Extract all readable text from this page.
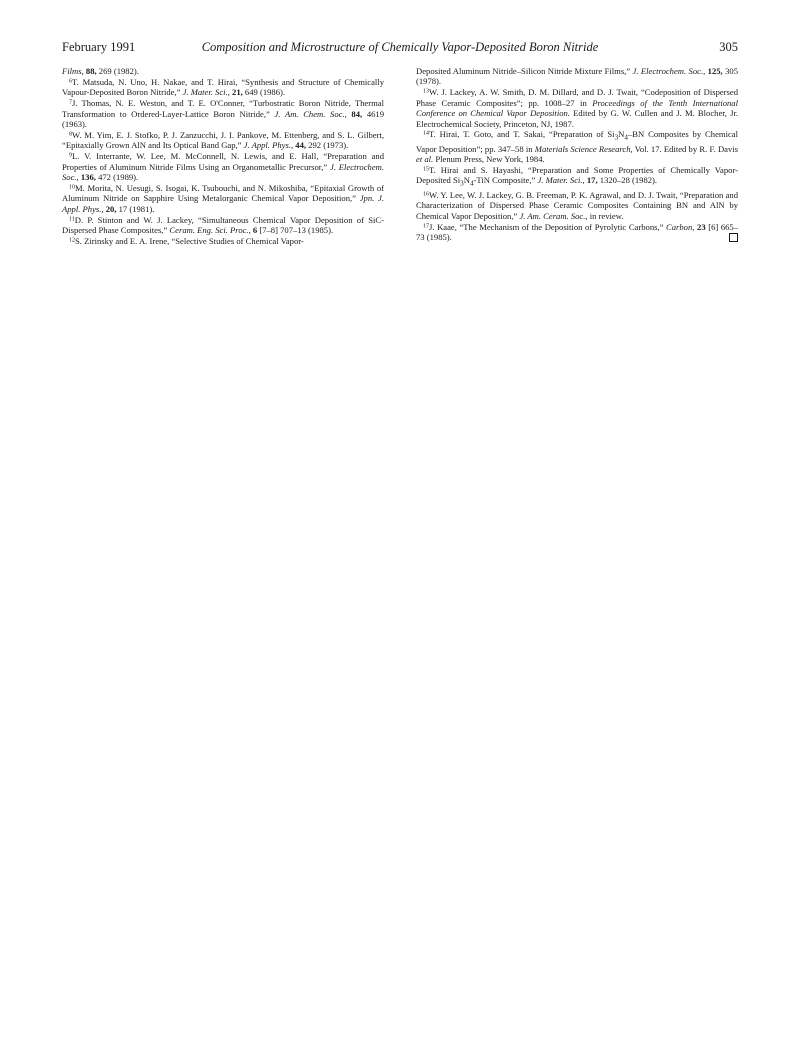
February 1991	Composition and Microstructure of Chemically Vapor-Deposited Boron Nitride	305

Films, 88, 269 (1982).

$^6$T. Matsuda, N. Uno, H. Nakae, and T. Hirai, “Synthesis and Structure of Chemically Vapour-Deposited Boron Nitride,” J. Mater. Sci., 21, 649 (1986).

$^7$J. Thomas, N. E. Weston, and T. E. O'Conner, “Turbostratic Boron Nitride, Thermal Transformation to Ordered-Layer-Lattice Boron Nitride,” J. Am. Chem. Soc., 84, 4619 (1963).

$^8$W. M. Yim, E. J. Stofko, P. J. Zanzucchi, J. I. Pankove, M. Ettenberg, and S. L. Gilbert, “Epitaxially Grown AlN and Its Optical Band Gap,” J. Appl. Phys., 44, 292 (1973).

$^9$L. V. Interrante, W. Lee, M. McConnell, N. Lewis, and E. Hall, “Preparation and Properties of Aluminum Nitride Films Using an Organometallic Precursor,” J. Electrochem. Soc., 136, 472 (1989).

$^{10}$M. Morita, N. Uesugi, S. Isogai, K. Tsubouchi, and N. Mikoshiba, “Epitaxial Growth of Aluminum Nitride on Sapphire Using Metalorganic Chemical Vapor Deposition,” Jpn. J. Appl. Phys., 20, 17 (1981).

$^{11}$D. P. Stinton and W. J. Lackey, “Simultaneous Chemical Vapor Deposition of SiC-Dispersed Phase Composites,” Ceram. Eng. Sci. Proc., 6 [7–8] 707–13 (1985).

$^{12}$S. Zirinsky and E. A. Irene, “Selective Studies of Chemical Vapor-

Deposited Aluminum Nitride–Silicon Nitride Mixture Films,” J. Electrochem. Soc., 125, 305 (1978).

$^{13}$W. J. Lackey, A. W. Smith, D. M. Dillard, and D. J. Twait, “Codeposition of Dispersed Phase Ceramic Composites”; pp. 1008–27 in Proceedings of the Tenth International Conference on Chemical Vapor Deposition. Edited by G. W. Cullen and J. M. Blocher, Jr. Electrochemical Society, Princeton, NJ, 1987.

$^{14}$T. Hirai, T. Goto, and T. Sakai, “Preparation of $Si_3N_4-BN$ Composites by Chemical Vapor Deposition”; pp. 347–58 in Materials Science Research, Vol. 17. Edited by R. F. Davis et al. Plenum Press, New York, 1984.

$^{15}$T. Hirai and S. Hayashi, “Preparation and Some Properties of Chemically Vapor-Deposited $Si_3N_4$-TiN Composite,” J. Mater. Sci., 17, 1320–28 (1982).

$^{16}$W. Y. Lee, W. J. Lackey, G. B. Freeman, P. K. Agrawal, and D. J. Twait, “Preparation and Characterization of Dispersed Phase Ceramic Composites Containing BN and AlN by Chemical Vapor Deposition,” J. Am. Ceram. Soc., in review.

$^{17}$J. Kaae, “The Mechanism of the Deposition of Pyrolytic Carbons,” Carbon, 23 [6] 665–73 (1985).
